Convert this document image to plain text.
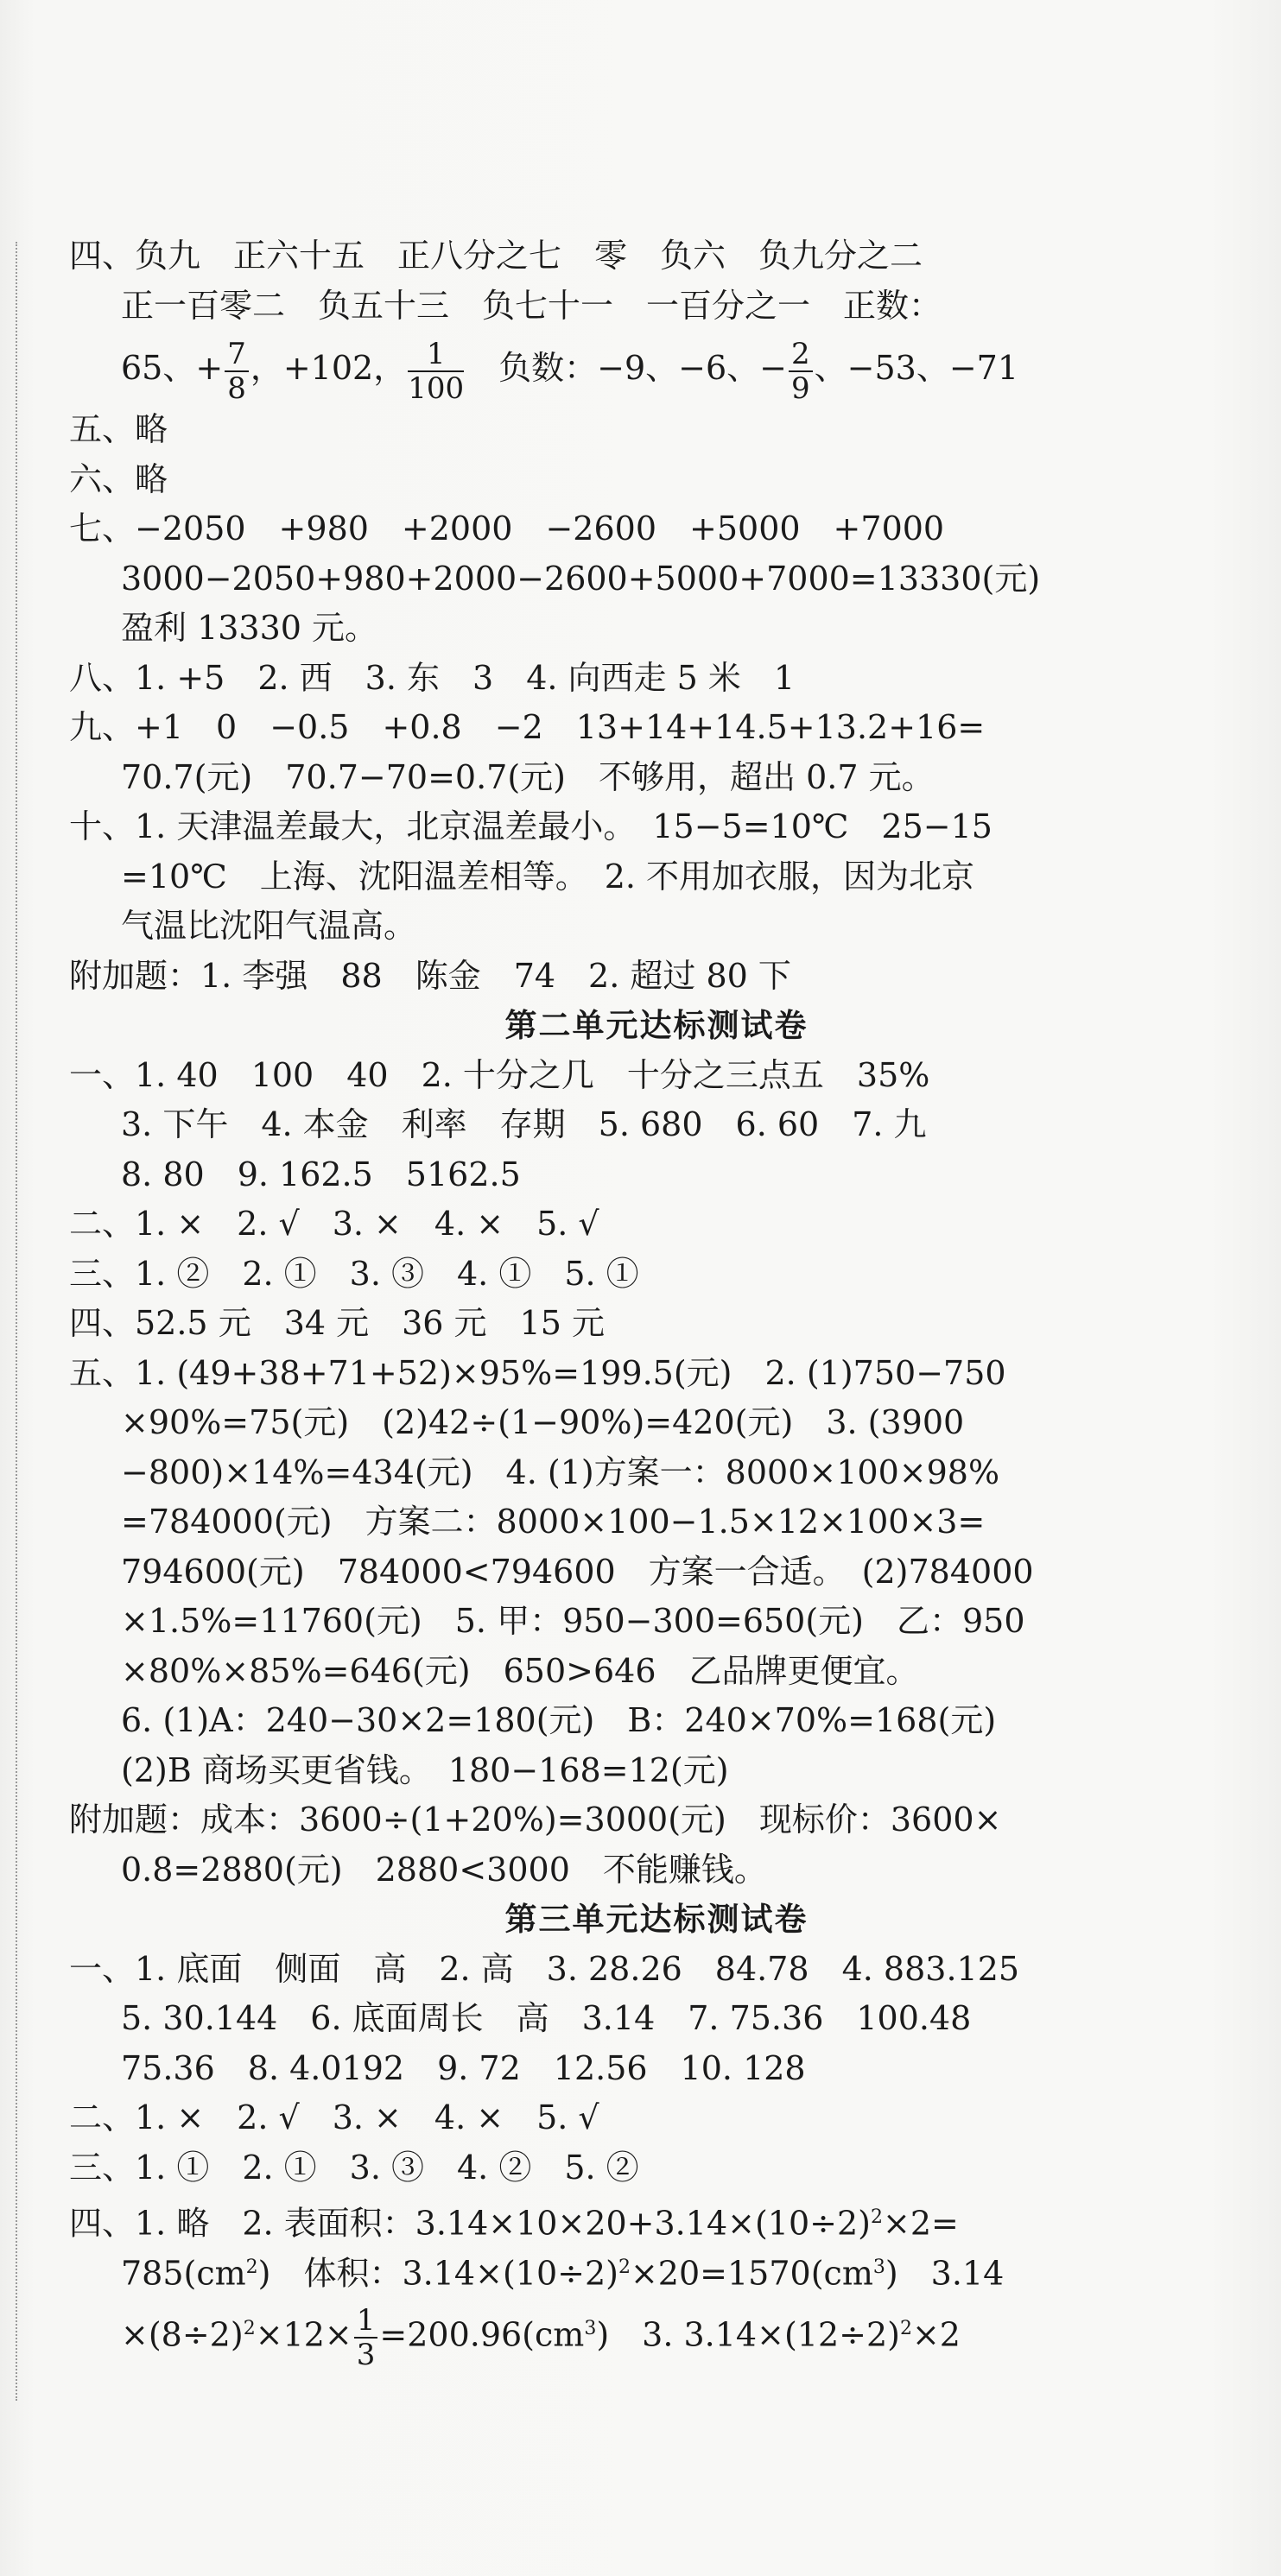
四、负九　正六十五　正八分之七　零　负六　负九分之二
正一百零二　负五十三　负七十一　一百分之一　正数：
65、+ $\frac{7}{8}$ ，+102， $\frac{1}{100}$ 　负数：−9、−6、− $\frac{2}{9}$ 、−53、−71
五、略
六、略
七、−2050　+980　+2000　−2600　+5000　+7000
3000−2050+980+2000−2600+5000+7000=13330(元)
盈利 13330 元。
八、1. +5　2. 西　3. 东　3　4. 向西走 5 米　1
九、+1　0　−0.5　+0.8　−2　13+14+14.5+13.2+16=
70.7(元)　70.7−70=0.7(元)　不够用，超出 0.7 元。
十、1. 天津温差最大，北京温差最小。　15−5=10℃　25−15
=10℃　上海、沈阳温差相等。　2. 不用加衣服，因为北京
气温比沈阳气温高。
附加题：1. 李强　88　陈金　74　2. 超过 80 下
第二单元达标测试卷
一、1. 40　100　40　2. 十分之几　十分之三点五　35%
3. 下午　4. 本金　利率　存期　5. 680　6. 60　7. 九
8. 80　9. 162.5　5162.5
二、1. ×　2. √　3. ×　4. ×　5. √
三、1. ②　2. ①　3. ③　4. ①　5. ①
四、52.5 元　34 元　36 元　15 元
五、1. (49+38+71+52)×95%=199.5(元)　2. (1)750−750
×90%=75(元)　(2)42÷(1−90%)=420(元)　3. (3900
−800)×14%=434(元)　4. (1)方案一：8000×100×98%
=784000(元)　方案二：8000×100−1.5×12×100×3=
794600(元)　784000<794600　方案一合适。　(2)784000
×1.5%=11760(元)　5. 甲：950−300=650(元)　乙：950
×80%×85%=646(元)　650>646　乙品牌更便宜。
6. (1)A：240−30×2=180(元)　B：240×70%=168(元)
(2)B 商场买更省钱。　180−168=12(元)
附加题：成本：3600÷(1+20%)=3000(元)　现标价：3600×
0.8=2880(元)　2880<3000　不能赚钱。
第三单元达标测试卷
一、1. 底面　侧面　高　2. 高　3. 28.26　84.78　4. 883.125
5. 30.144　6. 底面周长　高　3.14　7. 75.36　100.48
75.36　8. 4.0192　9. 72　12.56　10. 128
二、1. ×　2. √　3. ×　4. ×　5. √
三、1. ①　2. ①　3. ③　4. ②　5. ②
四、1. 略　2. 表面积：$3.14\times 10\times 20+3.14\times(10\div 2)^2\times 2=$
$785(cm^2)$　体积：$3.14\times(10\div 2)^2\times 20=1570(cm^3)$　3.14
$\times(8\div 2)^2\times 12\times \frac{1}{3} =200.96(cm^3)$　3. $3.14\times(12\div 2)^2\times 2$
